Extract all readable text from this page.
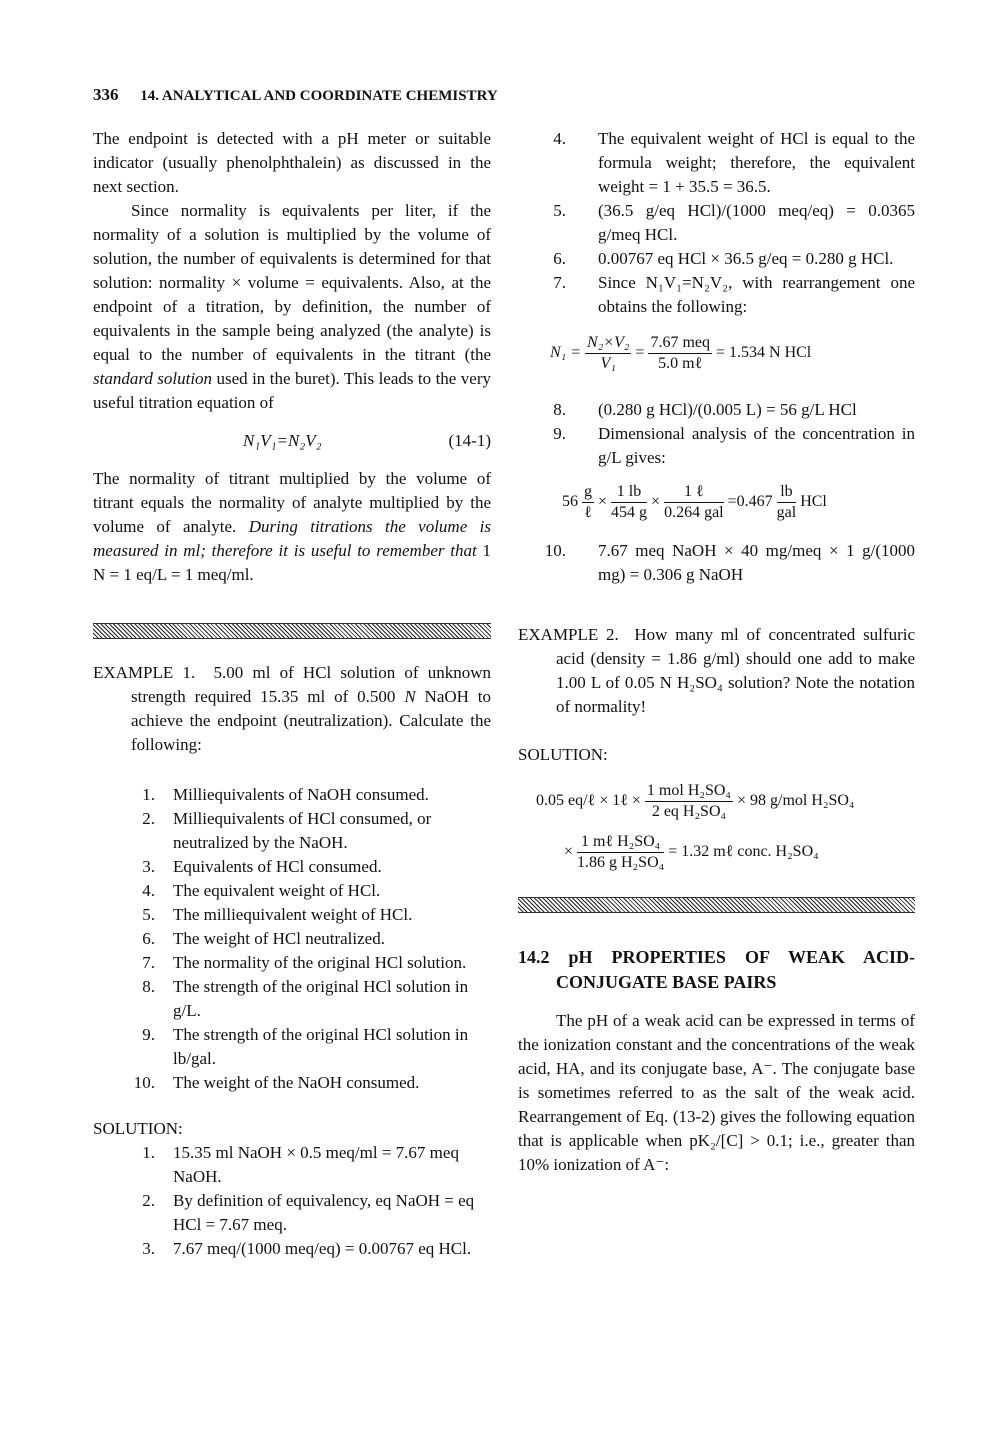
336 14. ANALYTICAL AND COORDINATE CHEMISTRY

The endpoint is detected with a pH meter or suitable indicator (usually phenolphthalein) as discussed in the next section.

Since normality is equivalents per liter, if the normality of a solution is multiplied by the volume of solution, the number of equivalents is determined for that solution: normality × volume = equivalents. Also, at the endpoint of a titration, by definition, the number of equivalents in the sample being analyzed (the analyte) is equal to the number of equivalents in the titrant (the standard solution used in the buret). This leads to the very useful titration equation of

N₁V₁=N₂V₂	(14-1)

The normality of titrant multiplied by the volume of titrant equals the normality of analyte multiplied by the volume of analyte. During titrations the volume is measured in ml; therefore it is useful to remember that 1 N = 1 eq/L = 1 meq/ml.

EXAMPLE 1. 5.00 ml of HCl solution of unknown strength required 15.35 ml of 0.500 N NaOH to achieve the endpoint (neutralization). Calculate the following:

1. Milliequivalents of NaOH consumed.
2. Milliequivalents of HCl consumed, or neutralized by the NaOH.
3. Equivalents of HCl consumed.
4. The equivalent weight of HCl.
5. The milliequivalent weight of HCl.
6. The weight of HCl neutralized.
7. The normality of the original HCl solution.
8. The strength of the original HCl solution in g/L.
9. The strength of the original HCl solution in lb/gal.
10. The weight of the NaOH consumed.

SOLUTION:

1. 15.35 ml NaOH × 0.5 meq/ml = 7.67 meq NaOH.
2. By definition of equivalency, eq NaOH = eq HCl = 7.67 meq.
3. 7.67 meq/(1000 meq/eq) = 0.00767 eq HCl.
4. The equivalent weight of HCl is equal to the formula weight; therefore, the equivalent weight = 1 + 35.5 = 36.5.
5. (36.5 g/eq HCl)/(1000 meq/eq) = 0.0365 g/meq HCl.
6. 0.00767 eq HCl × 36.5 g/eq = 0.280 g HCl.
7. Since N₁V₁=N₂V₂, with rearrangement one obtains the following:
$N_1 = \frac{\text{N₂×V₂}}{\text{V₁}} = \frac{\text{7.67 meq}}{\text{5.0 mℓ}} = 1.534$ N HCl
8. (0.280 g HCl)/(0.005 L) = 56 g/L HCl
9. Dimensional analysis of the concentration in g/L gives:
$56 \frac{g}{\text{ℓ}} \times \frac{1 lb}{454 g} \times \frac{\text{1 ℓ}}{\text{0.264 gal}} =0.467 \frac{lb}{\text{gal}}$ HCl
10. 7.67 meq NaOH × 40 mg/meq × 1 g/(1000 mg) = 0.306 g NaOH

EXAMPLE 2. How many ml of concentrated sulfuric acid (density = 1.86 g/ml) should one add to make 1.00 L of 0.05 N H₂SO₄ solution? Note the notation of normality!

SOLUTION:

0.05 eq/ℓ × 1ℓ × $\frac{\text{1 mol H₂SO₄}}{\text{2 eq H₂SO₄}} \times 98$ g/mol H₂SO₄
× $\frac{\text{1 mℓ H₂SO₄}}{\text{1.86 g H₂SO₄}} = 1.32$ mℓ conc. H₂SO₄

14.2 pH PROPERTIES OF WEAK ACID-CONJUGATE BASE PAIRS

The pH of a weak acid can be expressed in terms of the ionization constant and the concentrations of the weak acid, HA, and its conjugate base, A⁻. The conjugate base is sometimes referred to as the salt of the weak acid. Rearrangement of Eq. (13-2) gives the following equation that is applicable when pK₂/[C] > 0.1; i.e., greater than 10% ionization of A⁻:
